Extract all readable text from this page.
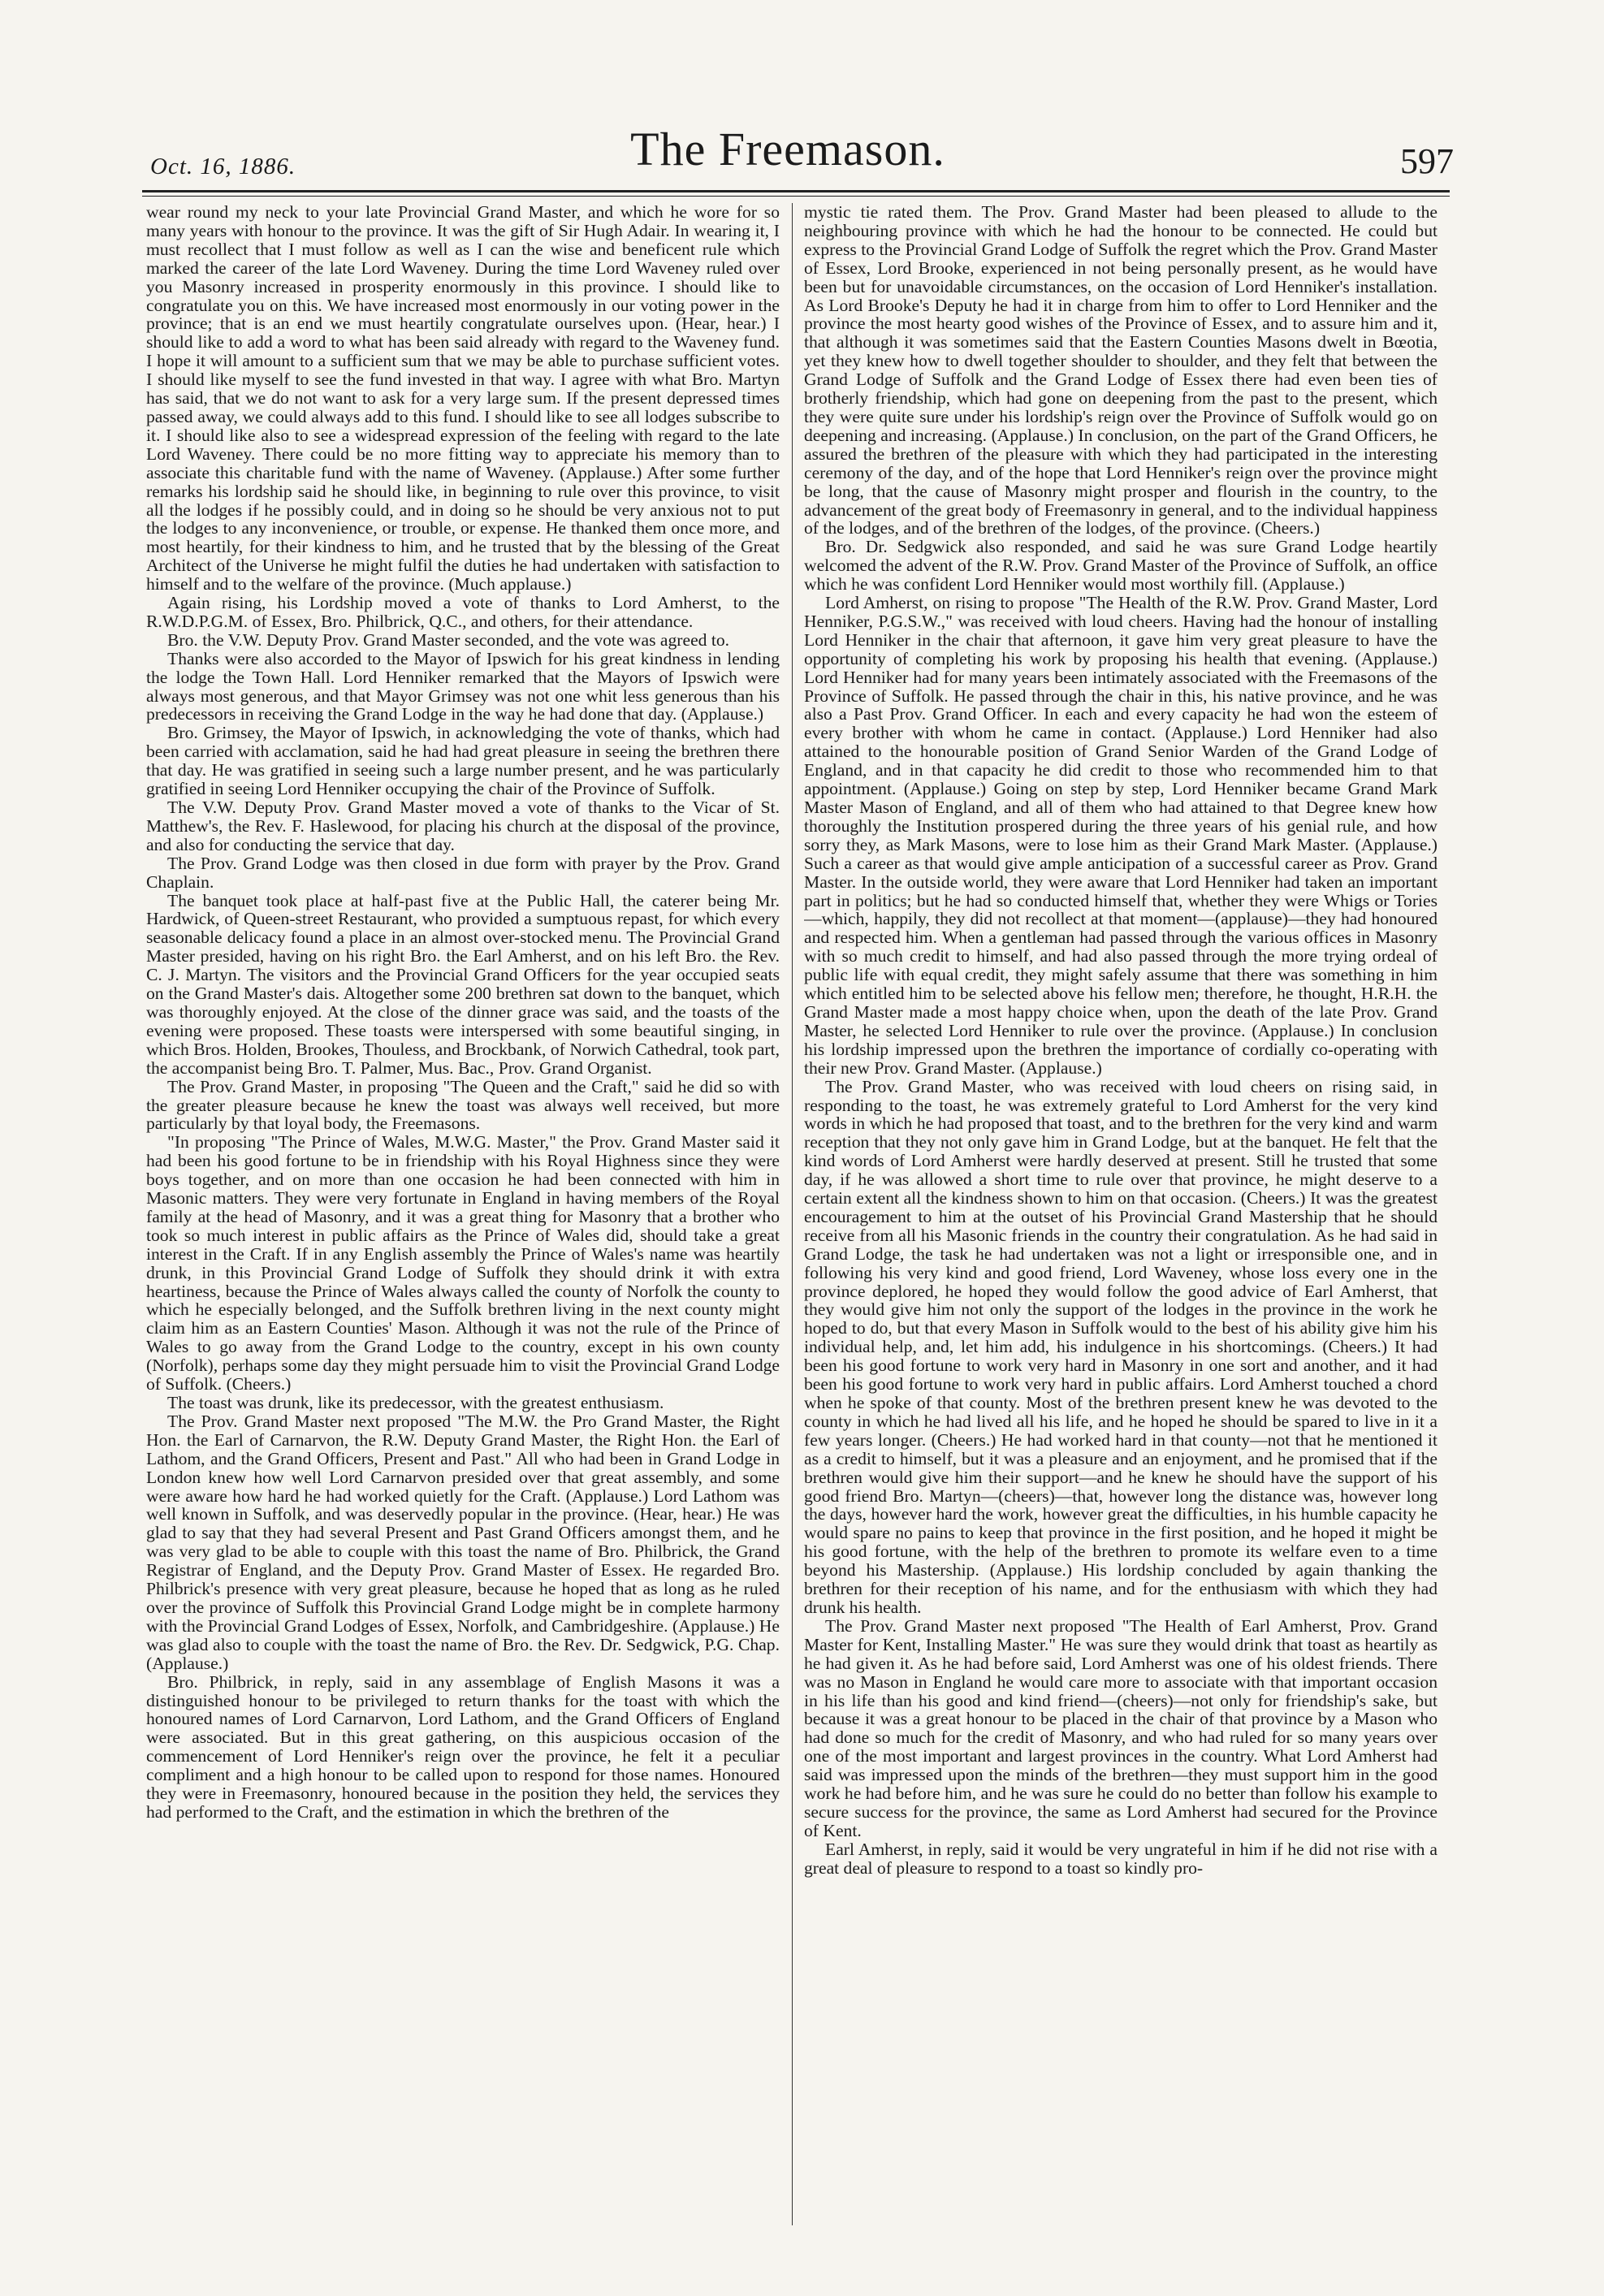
Oct. 16, 1886.	The Freemason.	597

wear round my neck to your late Provincial Grand Master, and which he wore for so many years with honour to the province. It was the gift of Sir Hugh Adair. In wearing it, I must recollect that I must follow as well as I can the wise and beneficent rule which marked the career of the late Lord Waveney. During the time Lord Waveney ruled over you Masonry increased in prosperity enormously in this province. I should like to congratulate you on this. We have increased most enormously in our voting power in the province; that is an end we must heartily congratulate ourselves upon. (Hear, hear.) I should like to add a word to what has been said already with regard to the Waveney fund. I hope it will amount to a sufficient sum that we may be able to purchase sufficient votes. I should like myself to see the fund invested in that way. I agree with what Bro. Martyn has said, that we do not want to ask for a very large sum. If the present depressed times passed away, we could always add to this fund. I should like to see all lodges subscribe to it. I should like also to see a widespread expression of the feeling with regard to the late Lord Waveney. There could be no more fitting way to appreciate his memory than to associate this charitable fund with the name of Waveney. (Applause.) After some further remarks his lordship said he should like, in beginning to rule over this province, to visit all the lodges if he possibly could, and in doing so he should be very anxious not to put the lodges to any inconvenience, or trouble, or expense. He thanked them once more, and most heartily, for their kindness to him, and he trusted that by the blessing of the Great Architect of the Universe he might fulfil the duties he had undertaken with satisfaction to himself and to the welfare of the province. (Much applause.)

Again rising, his Lordship moved a vote of thanks to Lord Amherst, to the R.W.D.P.G.M. of Essex, Bro. Philbrick, Q.C., and others, for their attendance.

Bro. the V.W. Deputy Prov. Grand Master seconded, and the vote was agreed to.

Thanks were also accorded to the Mayor of Ipswich for his great kindness in lending the lodge the Town Hall. Lord Henniker remarked that the Mayors of Ipswich were always most generous, and that Mayor Grimsey was not one whit less generous than his predecessors in receiving the Grand Lodge in the way he had done that day. (Applause.)

Bro. Grimsey, the Mayor of Ipswich, in acknowledging the vote of thanks, which had been carried with acclamation, said he had had great pleasure in seeing the brethren there that day. He was gratified in seeing such a large number present, and he was particularly gratified in seeing Lord Henniker occupying the chair of the Province of Suffolk.

The V.W. Deputy Prov. Grand Master moved a vote of thanks to the Vicar of St. Matthew's, the Rev. F. Haslewood, for placing his church at the disposal of the province, and also for conducting the service that day.

The Prov. Grand Lodge was then closed in due form with prayer by the Prov. Grand Chaplain.

The banquet took place at half-past five at the Public Hall, the caterer being Mr. Hardwick, of Queen-street Restaurant, who provided a sumptuous repast, for which every seasonable delicacy found a place in an almost over-stocked menu. The Provincial Grand Master presided, having on his right Bro. the Earl Amherst, and on his left Bro. the Rev. C. J. Martyn. The visitors and the Provincial Grand Officers for the year occupied seats on the Grand Master's dais. Altogether some 200 brethren sat down to the banquet, which was thoroughly enjoyed. At the close of the dinner grace was said, and the toasts of the evening were proposed. These toasts were interspersed with some beautiful singing, in which Bros. Holden, Brookes, Thouless, and Brockbank, of Norwich Cathedral, took part, the accompanist being Bro. T. Palmer, Mus. Bac., Prov. Grand Organist.

The Prov. Grand Master, in proposing "The Queen and the Craft," said he did so with the greater pleasure because he knew the toast was always well received, but more particularly by that loyal body, the Freemasons.

"In proposing "The Prince of Wales, M.W.G. Master," the Prov. Grand Master said it had been his good fortune to be in friendship with his Royal Highness since they were boys together, and on more than one occasion he had been connected with him in Masonic matters. They were very fortunate in England in having members of the Royal family at the head of Masonry, and it was a great thing for Masonry that a brother who took so much interest in public affairs as the Prince of Wales did, should take a great interest in the Craft. If in any English assembly the Prince of Wales's name was heartily drunk, in this Provincial Grand Lodge of Suffolk they should drink it with extra heartiness, because the Prince of Wales always called the county of Norfolk the county to which he especially belonged, and the Suffolk brethren living in the next county might claim him as an Eastern Counties' Mason. Although it was not the rule of the Prince of Wales to go away from the Grand Lodge to the country, except in his own county (Norfolk), perhaps some day they might persuade him to visit the Provincial Grand Lodge of Suffolk. (Cheers.)

The toast was drunk, like its predecessor, with the greatest enthusiasm.

The Prov. Grand Master next proposed "The M.W. the Pro Grand Master, the Right Hon. the Earl of Carnarvon, the R.W. Deputy Grand Master, the Right Hon. the Earl of Lathom, and the Grand Officers, Present and Past." All who had been in Grand Lodge in London knew how well Lord Carnarvon presided over that great assembly, and some were aware how hard he had worked quietly for the Craft. (Applause.) Lord Lathom was well known in Suffolk, and was deservedly popular in the province. (Hear, hear.) He was glad to say that they had several Present and Past Grand Officers amongst them, and he was very glad to be able to couple with this toast the name of Bro. Philbrick, the Grand Registrar of England, and the Deputy Prov. Grand Master of Essex. He regarded Bro. Philbrick's presence with very great pleasure, because he hoped that as long as he ruled over the province of Suffolk this Provincial Grand Lodge might be in complete harmony with the Provincial Grand Lodges of Essex, Norfolk, and Cambridgeshire. (Applause.) He was glad also to couple with the toast the name of Bro. the Rev. Dr. Sedgwick, P.G. Chap. (Applause.)

Bro. Philbrick, in reply, said in any assemblage of English Masons it was a distinguished honour to be privileged to return thanks for the toast with which the honoured names of Lord Carnarvon, Lord Lathom, and the Grand Officers of England were associated. But in this great gathering, on this auspicious occasion of the commencement of Lord Henniker's reign over the province, he felt it a peculiar compliment and a high honour to be called upon to respond for those names. Honoured they were in Freemasonry, honoured because in the position they held, the services they had performed to the Craft, and the estimation in which the brethren of the

mystic tie rated them. The Prov. Grand Master had been pleased to allude to the neighbouring province with which he had the honour to be connected. He could but express to the Provincial Grand Lodge of Suffolk the regret which the Prov. Grand Master of Essex, Lord Brooke, experienced in not being personally present, as he would have been but for unavoidable circumstances, on the occasion of Lord Henniker's installation. As Lord Brooke's Deputy he had it in charge from him to offer to Lord Henniker and the province the most hearty good wishes of the Province of Essex, and to assure him and it, that although it was sometimes said that the Eastern Counties Masons dwelt in Bœotia, yet they knew how to dwell together shoulder to shoulder, and they felt that between the Grand Lodge of Suffolk and the Grand Lodge of Essex there had even been ties of brotherly friendship, which had gone on deepening from the past to the present, which they were quite sure under his lordship's reign over the Province of Suffolk would go on deepening and increasing. (Applause.) In conclusion, on the part of the Grand Officers, he assured the brethren of the pleasure with which they had participated in the interesting ceremony of the day, and of the hope that Lord Henniker's reign over the province might be long, that the cause of Masonry might prosper and flourish in the country, to the advancement of the great body of Freemasonry in general, and to the individual happiness of the lodges, and of the brethren of the lodges, of the province. (Cheers.)

Bro. Dr. Sedgwick also responded, and said he was sure Grand Lodge heartily welcomed the advent of the R.W. Prov. Grand Master of the Province of Suffolk, an office which he was confident Lord Henniker would most worthily fill. (Applause.)

Lord Amherst, on rising to propose "The Health of the R.W. Prov. Grand Master, Lord Henniker, P.G.S.W.," was received with loud cheers. Having had the honour of installing Lord Henniker in the chair that afternoon, it gave him very great pleasure to have the opportunity of completing his work by proposing his health that evening. (Applause.) Lord Henniker had for many years been intimately associated with the Freemasons of the Province of Suffolk. He passed through the chair in this, his native province, and he was also a Past Prov. Grand Officer. In each and every capacity he had won the esteem of every brother with whom he came in contact. (Applause.) Lord Henniker had also attained to the honourable position of Grand Senior Warden of the Grand Lodge of England, and in that capacity he did credit to those who recommended him to that appointment. (Applause.) Going on step by step, Lord Henniker became Grand Mark Master Mason of England, and all of them who had attained to that Degree knew how thoroughly the Institution prospered during the three years of his genial rule, and how sorry they, as Mark Masons, were to lose him as their Grand Mark Master. (Applause.) Such a career as that would give ample anticipation of a successful career as Prov. Grand Master. In the outside world, they were aware that Lord Henniker had taken an important part in politics; but he had so conducted himself that, whether they were Whigs or Tories—which, happily, they did not recollect at that moment—(applause)—they had honoured and respected him. When a gentleman had passed through the various offices in Masonry with so much credit to himself, and had also passed through the more trying ordeal of public life with equal credit, they might safely assume that there was something in him which entitled him to be selected above his fellow men; therefore, he thought, H.R.H. the Grand Master made a most happy choice when, upon the death of the late Prov. Grand Master, he selected Lord Henniker to rule over the province. (Applause.) In conclusion his lordship impressed upon the brethren the importance of cordially co-operating with their new Prov. Grand Master. (Applause.)

The Prov. Grand Master, who was received with loud cheers on rising said, in responding to the toast, he was extremely grateful to Lord Amherst for the very kind words in which he had proposed that toast, and to the brethren for the very kind and warm reception that they not only gave him in Grand Lodge, but at the banquet. He felt that the kind words of Lord Amherst were hardly deserved at present. Still he trusted that some day, if he was allowed a short time to rule over that province, he might deserve to a certain extent all the kindness shown to him on that occasion. (Cheers.) It was the greatest encouragement to him at the outset of his Provincial Grand Mastership that he should receive from all his Masonic friends in the country their congratulation. As he had said in Grand Lodge, the task he had undertaken was not a light or irresponsible one, and in following his very kind and good friend, Lord Waveney, whose loss every one in the province deplored, he hoped they would follow the good advice of Earl Amherst, that they would give him not only the support of the lodges in the province in the work he hoped to do, but that every Mason in Suffolk would to the best of his ability give him his individual help, and, let him add, his indulgence in his shortcomings. (Cheers.) It had been his good fortune to work very hard in Masonry in one sort and another, and it had been his good fortune to work very hard in public affairs. Lord Amherst touched a chord when he spoke of that county. Most of the brethren present knew he was devoted to the county in which he had lived all his life, and he hoped he should be spared to live in it a few years longer. (Cheers.) He had worked hard in that county—not that he mentioned it as a credit to himself, but it was a pleasure and an enjoyment, and he promised that if the brethren would give him their support—and he knew he should have the support of his good friend Bro. Martyn—(cheers)—that, however long the distance was, however long the days, however hard the work, however great the difficulties, in his humble capacity he would spare no pains to keep that province in the first position, and he hoped it might be his good fortune, with the help of the brethren to promote its welfare even to a time beyond his Mastership. (Applause.) His lordship concluded by again thanking the brethren for their reception of his name, and for the enthusiasm with which they had drunk his health.

The Prov. Grand Master next proposed "The Health of Earl Amherst, Prov. Grand Master for Kent, Installing Master." He was sure they would drink that toast as heartily as he had given it. As he had before said, Lord Amherst was one of his oldest friends. There was no Mason in England he would care more to associate with that important occasion in his life than his good and kind friend—(cheers)—not only for friendship's sake, but because it was a great honour to be placed in the chair of that province by a Mason who had done so much for the credit of Masonry, and who had ruled for so many years over one of the most important and largest provinces in the country. What Lord Amherst had said was impressed upon the minds of the brethren—they must support him in the good work he had before him, and he was sure he could do no better than follow his example to secure success for the province, the same as Lord Amherst had secured for the Province of Kent.

Earl Amherst, in reply, said it would be very ungrateful in him if he did not rise with a great deal of pleasure to respond to a toast so kindly pro-
